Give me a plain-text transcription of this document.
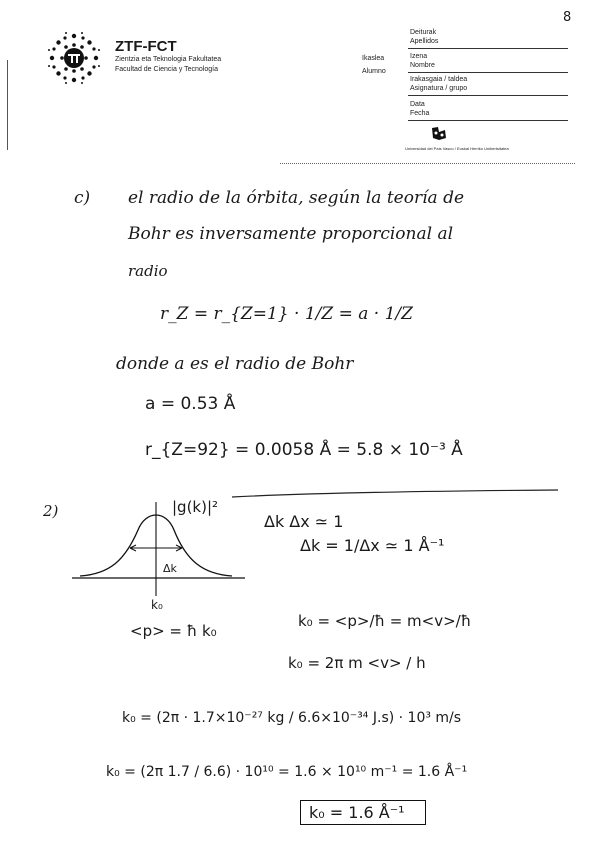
8
ZTF-FCT
Zientzia eta Teknologia Fakultatea
Facultad de Ciencia y Tecnología
Ikaslea
Alumno
Deiturak
Apellidos
Izena
Nombre
Irakasgaia / taldea
Asignatura / grupo
Data
Fecha
Universidad del País Vasco / Euskal Herriko Unibertsitatea
c) el radio de la órbita, según la teoría de
Bohr es inversamente proporcional al
radio
r_Z = r_{Z=1} · 1/Z = a · 1/Z
donde a es el radio de Bohr
a = 0.53 Å
r_{Z=92} = 0.0058 Å = 5.8 × 10⁻³ Å
2)	|g(k)|²
Δk
k₀
Δk Δx ≃ 1
Δk = 1/Δx ≃ 1 Å⁻¹
<p> = ħ k₀
k₀ = <p>/ħ = m<v>/ħ
k₀ = 2π m <v> / h
k₀ = (2π · 1.7×10⁻²⁷ kg / 6.6×10⁻³⁴ J.s) · 10³ m/s
k₀ = (2π 1.7 / 6.6) · 10¹⁰ = 1.6 × 10¹⁰ m⁻¹ = 1.6 Å⁻¹
k₀ = 1.6 Å⁻¹
